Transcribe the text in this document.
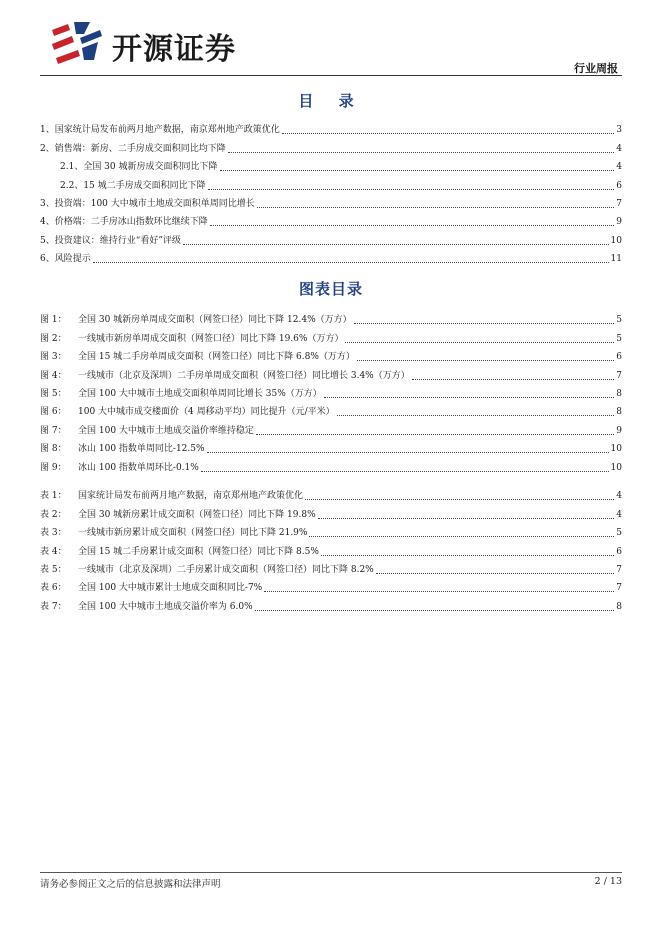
开源证券
行业周报
目 录
1、国家统计局发布前两月地产数据，南京郑州地产政策优化	3
2、销售端：新房、二手房成交面积同比均下降	4
2.1、全国 30 城新房成交面积同比下降	4
2.2、15 城二手房成交面积同比下降	6
3、投资端：100 大中城市土地成交面积单周同比增长	7
4、价格端：二手房冰山指数环比继续下降	9
5、投资建议：维持行业“看好”评级	10
6、风险提示	11
图表目录
图 1：	全国 30 城新房单周成交面积（网签口径）同比下降 12.4%（万方）	5
图 2：	一线城市新房单周成交面积（网签口径）同比下降 19.6%（万方）	5
图 3：	全国 15 城二手房单周成交面积（网签口径）同比下降 6.8%（万方）	6
图 4：	一线城市（北京及深圳）二手房单周成交面积（网签口径）同比增长 3.4%（万方）	7
图 5：	全国 100 大中城市土地成交面积单周同比增长 35%（万方）	8
图 6：	100 大中城市成交楼面价（4 周移动平均）同比提升（元/平米）	8
图 7：	全国 100 大中城市土地成交溢价率维持稳定	9
图 8：	冰山 100 指数单周同比-12.5%	10
图 9：	冰山 100 指数单周环比-0.1%	10
表 1：	国家统计局发布前两月地产数据，南京郑州地产政策优化	4
表 2：	全国 30 城新房累计成交面积（网签口径）同比下降 19.8%	4
表 3：	一线城市新房累计成交面积（网签口径）同比下降 21.9%	5
表 4：	全国 15 城二手房累计成交面积（网签口径）同比下降 8.5%	6
表 5：	一线城市（北京及深圳）二手房累计成交面积（网签口径）同比下降 8.2%	7
表 6：	全国 100 大中城市累计土地成交面积同比-7%	7
表 7：	全国 100 大中城市土地成交溢价率为 6.0%	8
请务必参阅正文之后的信息披露和法律声明	2 / 13
